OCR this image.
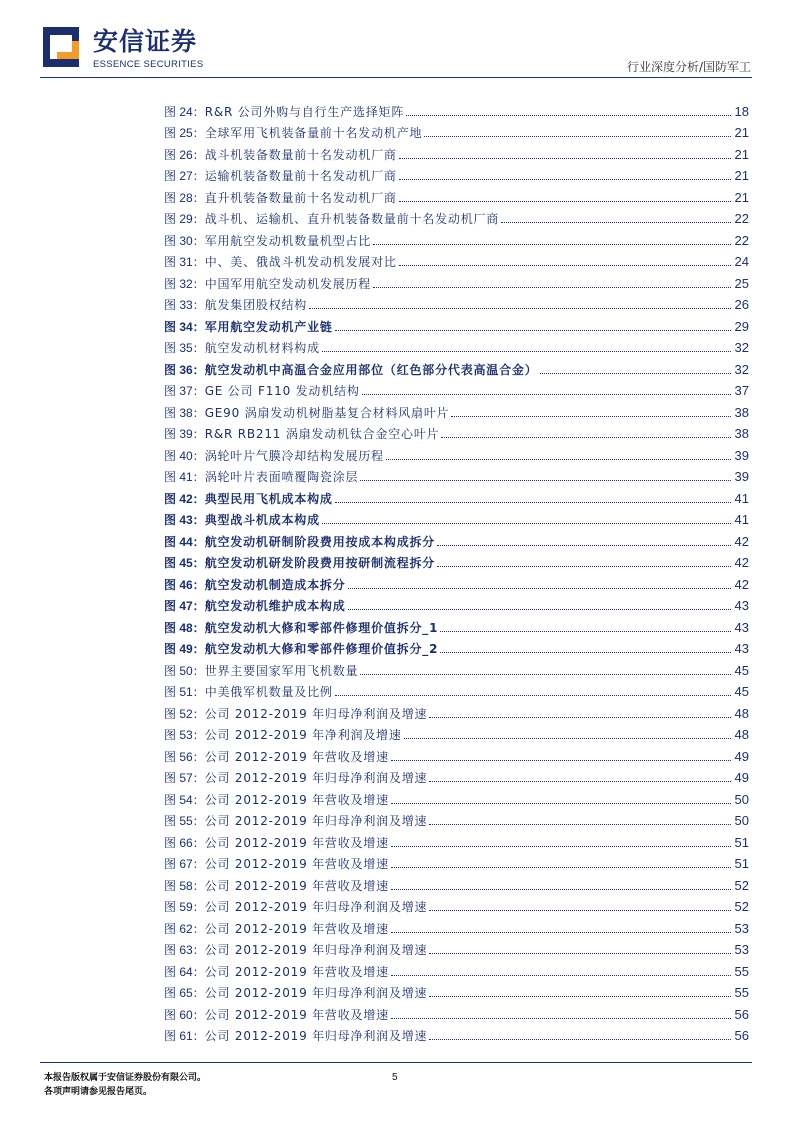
安信证券
ESSENCE SECURITIES	行业深度分析/国防军工
图 24：R&R 公司外购与自行生产选择矩阵	18
图 25：全球军用飞机装备量前十名发动机产地	21
图 26：战斗机装备数量前十名发动机厂商	21
图 27：运输机装备数量前十名发动机厂商	21
图 28：直升机装备数量前十名发动机厂商	21
图 29：战斗机、运输机、直升机装备数量前十名发动机厂商	22
图 30：军用航空发动机数量机型占比	22
图 31：中、美、俄战斗机发动机发展对比	24
图 32：中国军用航空发动机发展历程	25
图 33：航发集团股权结构	26
图 34：军用航空发动机产业链	29
图 35：航空发动机材料构成	32
图 36：航空发动机中高温合金应用部位（红色部分代表高温合金）	32
图 37：GE 公司 F110 发动机结构	37
图 38：GE90 涡扇发动机树脂基复合材料风扇叶片	38
图 39：R&R RB211 涡扇发动机钛合金空心叶片	38
图 40：涡轮叶片气膜冷却结构发展历程	39
图 41：涡轮叶片表面喷覆陶瓷涂层	39
图 42：典型民用飞机成本构成	41
图 43：典型战斗机成本构成	41
图 44：航空发动机研制阶段费用按成本构成拆分	42
图 45：航空发动机研发阶段费用按研制流程拆分	42
图 46：航空发动机制造成本拆分	42
图 47：航空发动机维护成本构成	43
图 48：航空发动机大修和零部件修理价值拆分_1	43
图 49：航空发动机大修和零部件修理价值拆分_2	43
图 50：世界主要国家军用飞机数量	45
图 51：中美俄军机数量及比例	45
图 52：公司 2012-2019 年归母净利润及增速	48
图 53：公司 2012-2019 年净利润及增速	48
图 56：公司 2012-2019 年营收及增速	49
图 57：公司 2012-2019 年归母净利润及增速	49
图 54：公司 2012-2019 年营收及增速	50
图 55：公司 2012-2019 年归母净利润及增速	50
图 66：公司 2012-2019 年营收及增速	51
图 67：公司 2012-2019 年营收及增速	51
图 58：公司 2012-2019 年营收及增速	52
图 59：公司 2012-2019 年归母净利润及增速	52
图 62：公司 2012-2019 年营收及增速	53
图 63：公司 2012-2019 年归母净利润及增速	53
图 64：公司 2012-2019 年营收及增速	55
图 65：公司 2012-2019 年归母净利润及增速	55
图 60：公司 2012-2019 年营收及增速	56
图 61：公司 2012-2019 年归母净利润及增速	56
本报告版权属于安信证券股份有限公司。
各项声明请参见报告尾页。
5
